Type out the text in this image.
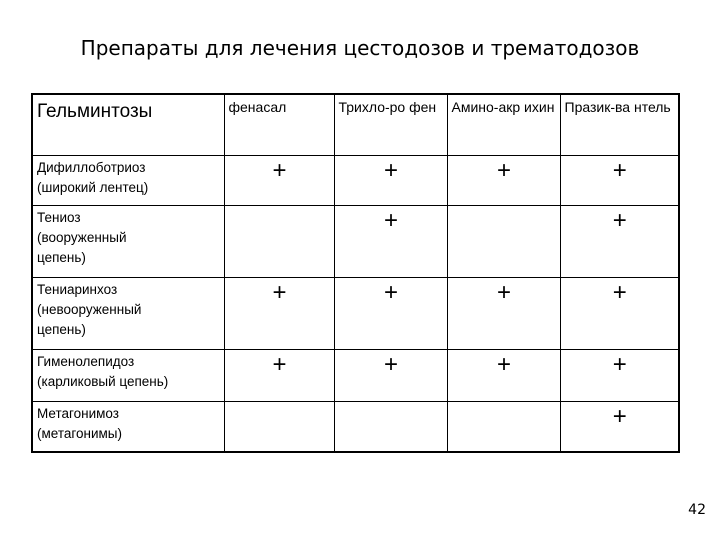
Препараты для лечения цестодозов и трематодозов
Гельминтозы	фенасал	Трихло-ро фен	Амино-акр ихин	Празик-ва нтель
Дифиллоботриоз
(широкий лентец)	+	+	+	+
Тениоз
(вооруженный
цепень)		+		+
Тениаринхоз
(невооруженный
цепень)	+	+	+	+
Гименолепидоз
(карликовый цепень)	+	+	+	+
Метагонимоз
(метагонимы)				+
42
